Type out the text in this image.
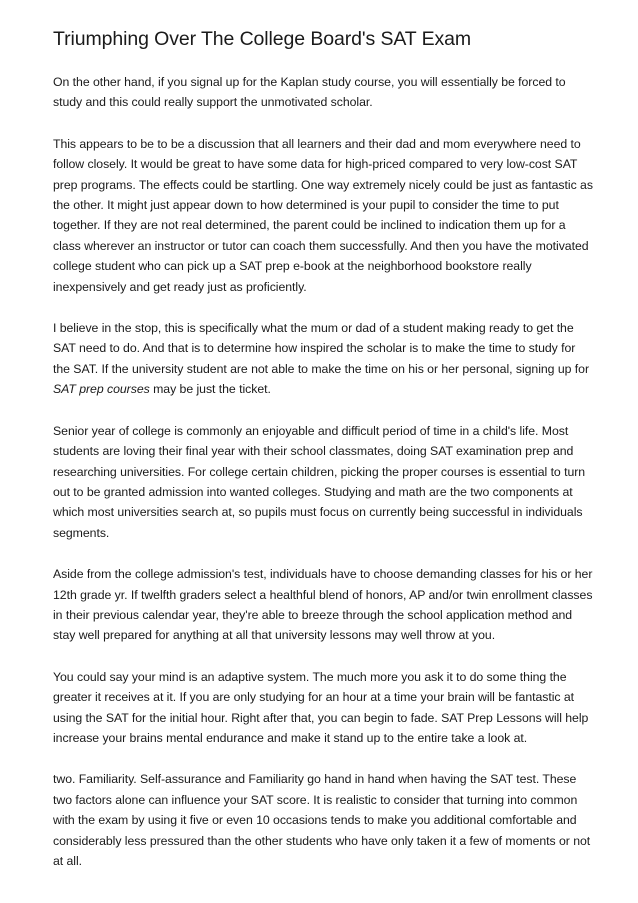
Triumphing Over The College Board's SAT Exam

On the other hand, if you signal up for the Kaplan study course, you will essentially be forced to study and this could really support the unmotivated scholar.

This appears to be to be a discussion that all learners and their dad and mom everywhere need to follow closely. It would be great to have some data for high-priced compared to very low-cost SAT prep programs. The effects could be startling. One way extremely nicely could be just as fantastic as the other. It might just appear down to how determined is your pupil to consider the time to put together. If they are not real determined, the parent could be inclined to indication them up for a class wherever an instructor or tutor can coach them successfully. And then you have the motivated college student who can pick up a SAT prep e-book at the neighborhood bookstore really inexpensively and get ready just as proficiently.

I believe in the stop, this is specifically what the mum or dad of a student making ready to get the SAT need to do. And that is to determine how inspired the scholar is to make the time to study for the SAT. If the university student are not able to make the time on his or her personal, signing up for SAT prep courses may be just the ticket.

Senior year of college is commonly an enjoyable and difficult period of time in a child's life. Most students are loving their final year with their school classmates, doing SAT examination prep and researching universities. For college certain children, picking the proper courses is essential to turn out to be granted admission into wanted colleges. Studying and math are the two components at which most universities search at, so pupils must focus on currently being successful in individuals segments.

Aside from the college admission's test, individuals have to choose demanding classes for his or her 12th grade yr. If twelfth graders select a healthful blend of honors, AP and/or twin enrollment classes in their previous calendar year, they're able to breeze through the school application method and stay well prepared for anything at all that university lessons may well throw at you.

You could say your mind is an adaptive system. The much more you ask it to do some thing the greater it receives at it. If you are only studying for an hour at a time your brain will be fantastic at using the SAT for the initial hour. Right after that, you can begin to fade. SAT Prep Lessons will help increase your brains mental endurance and make it stand up to the entire take a look at.

two. Familiarity. Self-assurance and Familiarity go hand in hand when having the SAT test. These two factors alone can influence your SAT score. It is realistic to consider that turning into common with the exam by using it five or even 10 occasions tends to make you additional comfortable and considerably less pressured than the other students who have only taken it a few of moments or not at all.
